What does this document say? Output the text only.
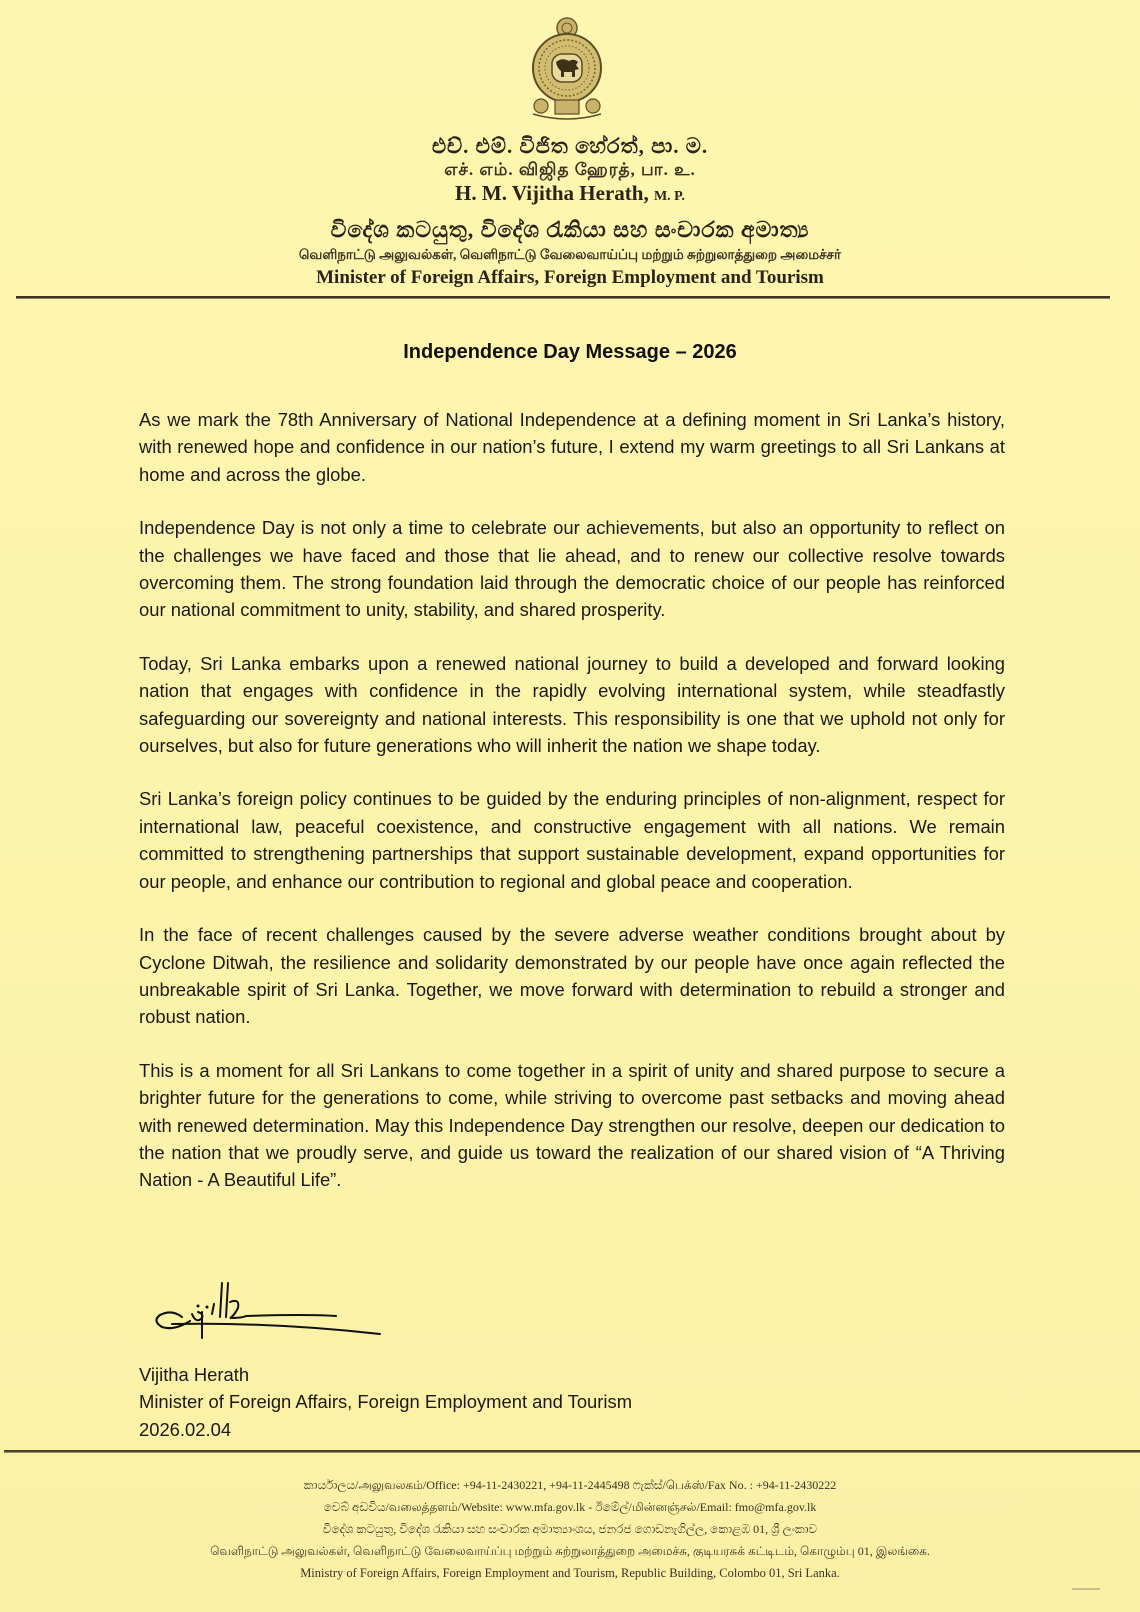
එච්. එම්. විජිත හේරත්, පා. ම.
எச். எம். விஜித ஹேரத், பா. உ.
H. M. Vijitha Herath, M. P.
විදේශ කටයුතු, විදේශ රැකියා සහ සංචාරක අමාත්‍ය
வெளிநாட்டு அலுவல்கள், வெளிநாட்டு வேலைவாய்ப்பு மற்றும் சுற்றுலாத்துறை அமைச்சர்
Minister of Foreign Affairs, Foreign Employment and Tourism
Independence Day Message – 2026

As we mark the 78th Anniversary of National Independence at a defining moment in Sri Lanka’s history, with renewed hope and confidence in our nation’s future, I extend my warm greetings to all Sri Lankans at home and across the globe.

Independence Day is not only a time to celebrate our achievements, but also an opportunity to reflect on the challenges we have faced and those that lie ahead, and to renew our collective resolve towards overcoming them. The strong foundation laid through the democratic choice of our people has reinforced our national commitment to unity, stability, and shared prosperity.

Today, Sri Lanka embarks upon a renewed national journey to build a developed and forward looking nation that engages with confidence in the rapidly evolving international system, while steadfastly safeguarding our sovereignty and national interests. This responsibility is one that we uphold not only for ourselves, but also for future generations who will inherit the nation we shape today.

Sri Lanka’s foreign policy continues to be guided by the enduring principles of non-alignment, respect for international law, peaceful coexistence, and constructive engagement with all nations. We remain committed to strengthening partnerships that support sustainable development, expand opportunities for our people, and enhance our contribution to regional and global peace and cooperation.

In the face of recent challenges caused by the severe adverse weather conditions brought about by Cyclone Ditwah, the resilience and solidarity demonstrated by our people have once again reflected the unbreakable spirit of Sri Lanka. Together, we move forward with determination to rebuild a stronger and robust nation.

This is a moment for all Sri Lankans to come together in a spirit of unity and shared purpose to secure a brighter future for the generations to come, while striving to overcome past setbacks and moving ahead with renewed determination. May this Independence Day strengthen our resolve, deepen our dedication to the nation that we proudly serve, and guide us toward the realization of our shared vision of “A Thriving Nation - A Beautiful Life”.

Vijitha Herath
Minister of Foreign Affairs, Foreign Employment and Tourism
2026.02.04
කාර්යාලය/அலுவலகம்/Office: +94-11-2430221, +94-11-2445498 ෆැක්ස්/பெக்ஸ்/Fax No. : +94-11-2430222
වෙබ් අඩවිය/வலைத்தளம்/Website: www.mfa.gov.lk - ඊමේල්/மின்னஞ்சல்/Email: fmo@mfa.gov.lk
විදේශ කටයුතු, විදේශ රැකියා සහ සංචාරක අමාත්‍යාංශය, ජනරජ ගොඩනැගිල්ල, කොළඹ 01, ශ්‍රී ලංකාව
வெளிநாட்டு அலுவல்கள், வெளிநாட்டு வேலைவாய்ப்பு மற்றும் சுற்றுலாத்துறை அமைச்சு, குடியரசுக் கட்டிடம், கொழும்பு 01, இலங்கை.
Ministry of Foreign Affairs, Foreign Employment and Tourism, Republic Building, Colombo 01, Sri Lanka.
